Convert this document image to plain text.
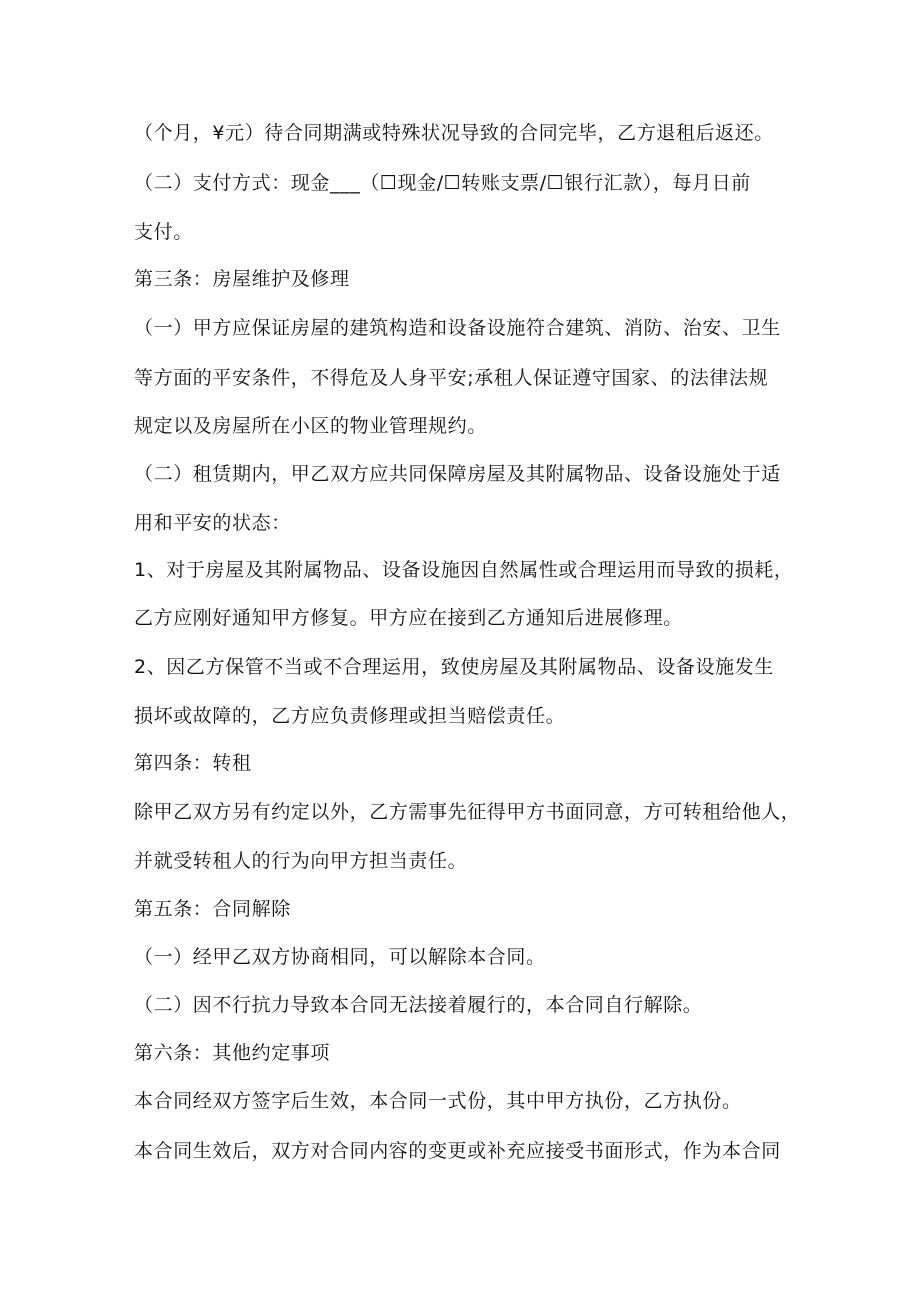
（个月，¥元）待合同期满或特殊状况导致的合同完毕，乙方退租后返还。

（二）支付方式：现金___（☐现金/☐转账支票/☐银行汇款），每月日前

支付。

第三条：房屋维护及修理

（一）甲方应保证房屋的建筑构造和设备设施符合建筑、消防、治安、卫生

等方面的平安条件，不得危及人身平安;承租人保证遵守国家、的法律法规

规定以及房屋所在小区的物业管理规约。

（二）租赁期内，甲乙双方应共同保障房屋及其附属物品、设备设施处于适

用和平安的状态：

1、对于房屋及其附属物品、设备设施因自然属性或合理运用而导致的损耗，

乙方应刚好通知甲方修复。甲方应在接到乙方通知后进展修理。

2、因乙方保管不当或不合理运用，致使房屋及其附属物品、设备设施发生

损坏或故障的，乙方应负责修理或担当赔偿责任。

第四条：转租

除甲乙双方另有约定以外，乙方需事先征得甲方书面同意，方可转租给他人，

并就受转租人的行为向甲方担当责任。

第五条：合同解除

（一）经甲乙双方协商相同，可以解除本合同。

（二）因不行抗力导致本合同无法接着履行的，本合同自行解除。

第六条：其他约定事项

本合同经双方签字后生效，本合同一式份，其中甲方执份，乙方执份。

本合同生效后，双方对合同内容的变更或补充应接受书面形式，作为本合同
